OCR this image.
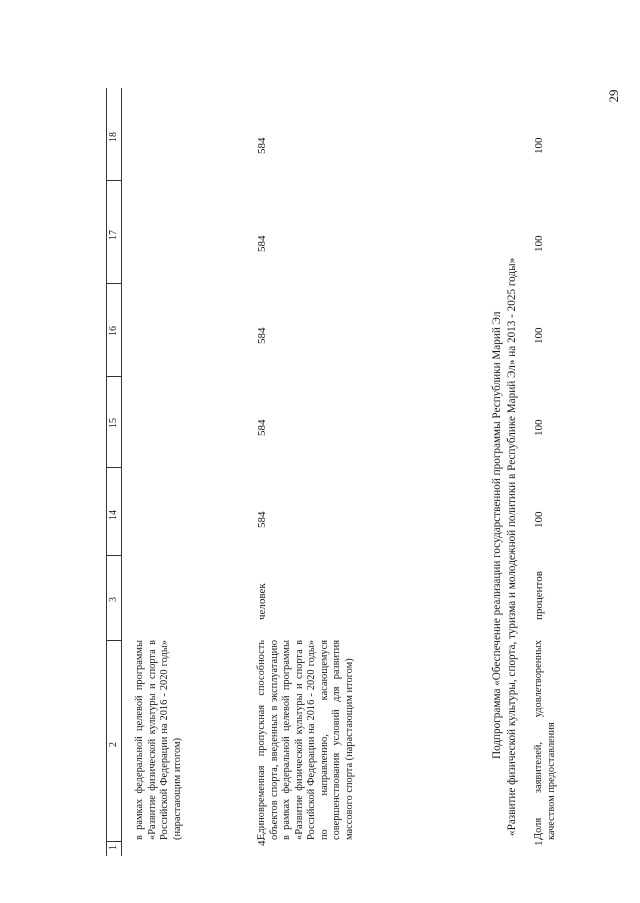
29
1
2
3
14
15
16
17
18
в рамках федеральной целевой программы «Развитие физической культуры и спорта в Российской Федерации на 2016 - 2020 годы» (нарастающим итогом)
4.
Единовременная пропускная способность объектов спорта, введенных в эксплуатацию в рамках федеральной целевой программы «Развитие физической культуры и спорта в Российской Федерации на 2016 - 2020 годы» по направлению, касающемуся совершенствования условий для развития массового спорта (нарастающим итогом)
человек
584
584
584
584
584
Подпрограмма «Обеспечение реализации государственной программы Республики Марий Эл «Развитие физической культуры, спорта, туризма и молодежной политики в Республике Марий Эл» на 2013 - 2025 годы»
1.
Доля заявителей, удовлетворенных качеством предоставления
процентов
100
100
100
100
100
